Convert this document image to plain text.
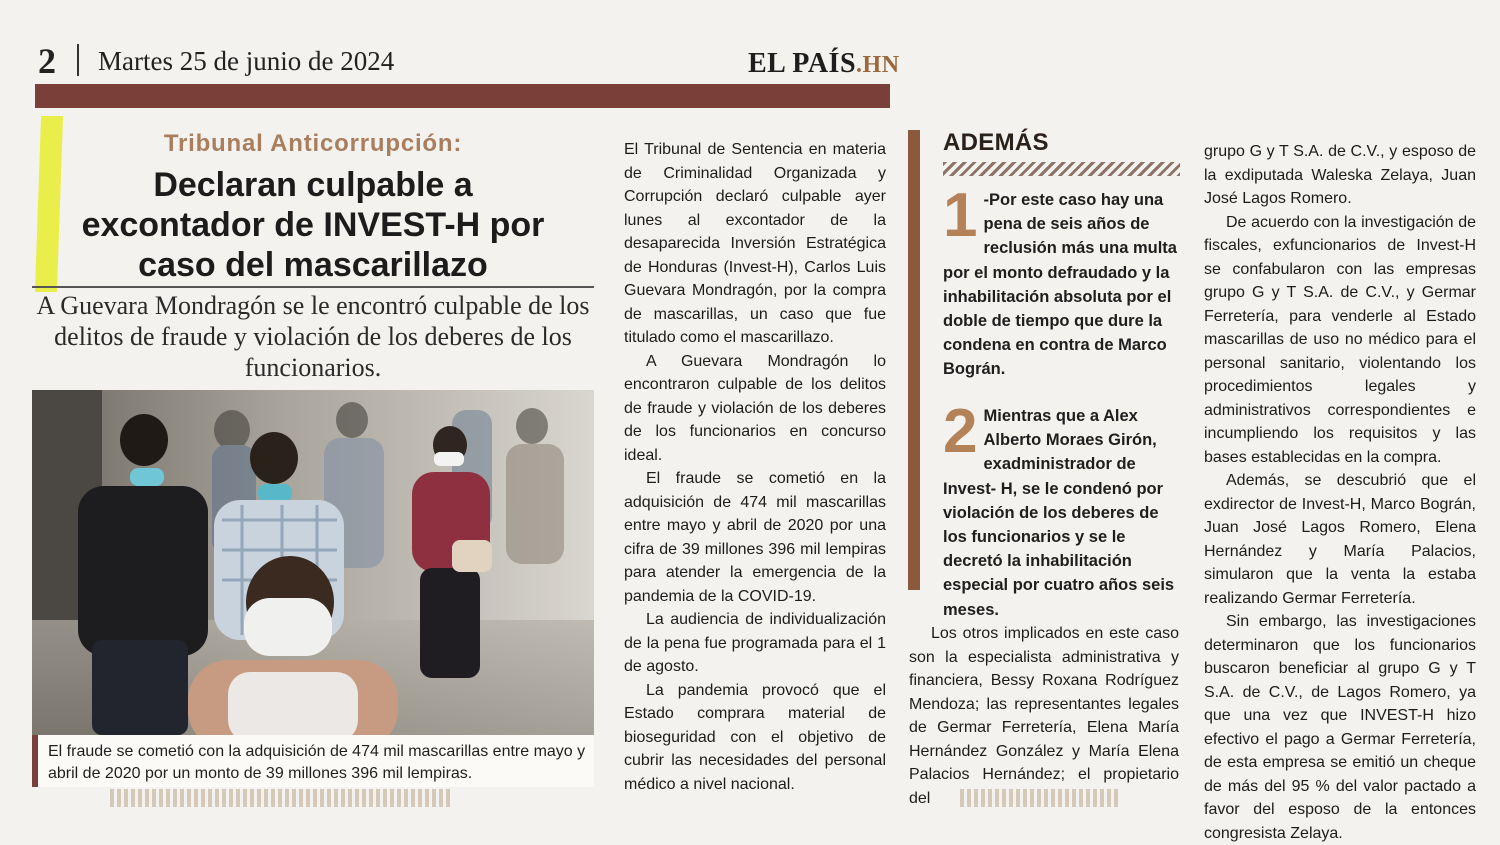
2 Martes 25 de junio de 2024	EL PAÍS.HN
Tribunal Anticorrupción:
Declaran culpable a
excontador de INVEST-H por
caso del mascarillazo
A Guevara Mondragón se le encontró culpable de los delitos de fraude y violación de los deberes de los funcionarios.
El fraude se cometió con la adquisición de 474 mil mascarillas entre mayo y abril de 2020 por un monto de 39 millones 396 mil lempiras.

El Tribunal de Sentencia en materia de Criminalidad Organizada y Corrupción declaró culpable ayer lunes al excontador de la desaparecida Inversión Estratégica de Honduras (Invest-H), Carlos Luis Guevara Mondragón, por la compra de mascarillas, un caso que fue titulado como el mascarillazo.

A Guevara Mondragón lo encontraron culpable de los delitos de fraude y violación de los deberes de los funcionarios en concurso ideal.

El fraude se cometió en la adquisición de 474 mil mascarillas entre mayo y abril de 2020 por una cifra de 39 millones 396 mil lempiras para atender la emergencia de la pandemia de la COVID-19.

La audiencia de individualización de la pena fue programada para el 1 de agosto.

La pandemia provocó que el Estado comprara material de bioseguridad con el objetivo de cubrir las necesidades del personal médico a nivel nacional.

ADEMÁS
1 -Por este caso hay una pena de seis años de reclusión más una multa por el monto defraudado y la inhabilitación absoluta por el doble de tiempo que dure la condena en contra de Marco Bográn.
2 Mientras que a Alex Alberto Moraes Girón, exadministrador de Invest- H, se le condenó por violación de los deberes de los funcionarios y se le decretó la inhabilitación especial por cuatro años seis meses.

Los otros implicados en este caso son la especialista administrativa y financiera, Bessy Roxana Rodríguez Mendoza; las representantes legales de Germar Ferretería, Elena María Hernández González y María Elena Palacios Hernández; el propietario del

grupo G y T S.A. de C.V., y esposo de la exdiputada Waleska Zelaya, Juan José Lagos Romero.

De acuerdo con la investigación de fiscales, exfuncionarios de Invest-H se confabularon con las empresas grupo G y T S.A. de C.V., y Germar Ferretería, para venderle al Estado mascarillas de uso no médico para el personal sanitario, violentando los procedimientos legales y administrativos correspondientes e incumpliendo los requisitos y las bases establecidas en la compra.

Además, se descubrió que el exdirector de Invest-H, Marco Bográn, Juan José Lagos Romero, Elena Hernández y María Palacios, simularon que la venta la estaba realizando Germar Ferretería.

Sin embargo, las investigaciones determinaron que los funcionarios buscaron beneficiar al grupo G y T S.A. de C.V., de Lagos Romero, ya que una vez que INVEST-H hizo efectivo el pago a Germar Ferretería, de esta empresa se emitió un cheque de más del 95 % del valor pactado a favor del esposo de la entonces congresista Zelaya.
